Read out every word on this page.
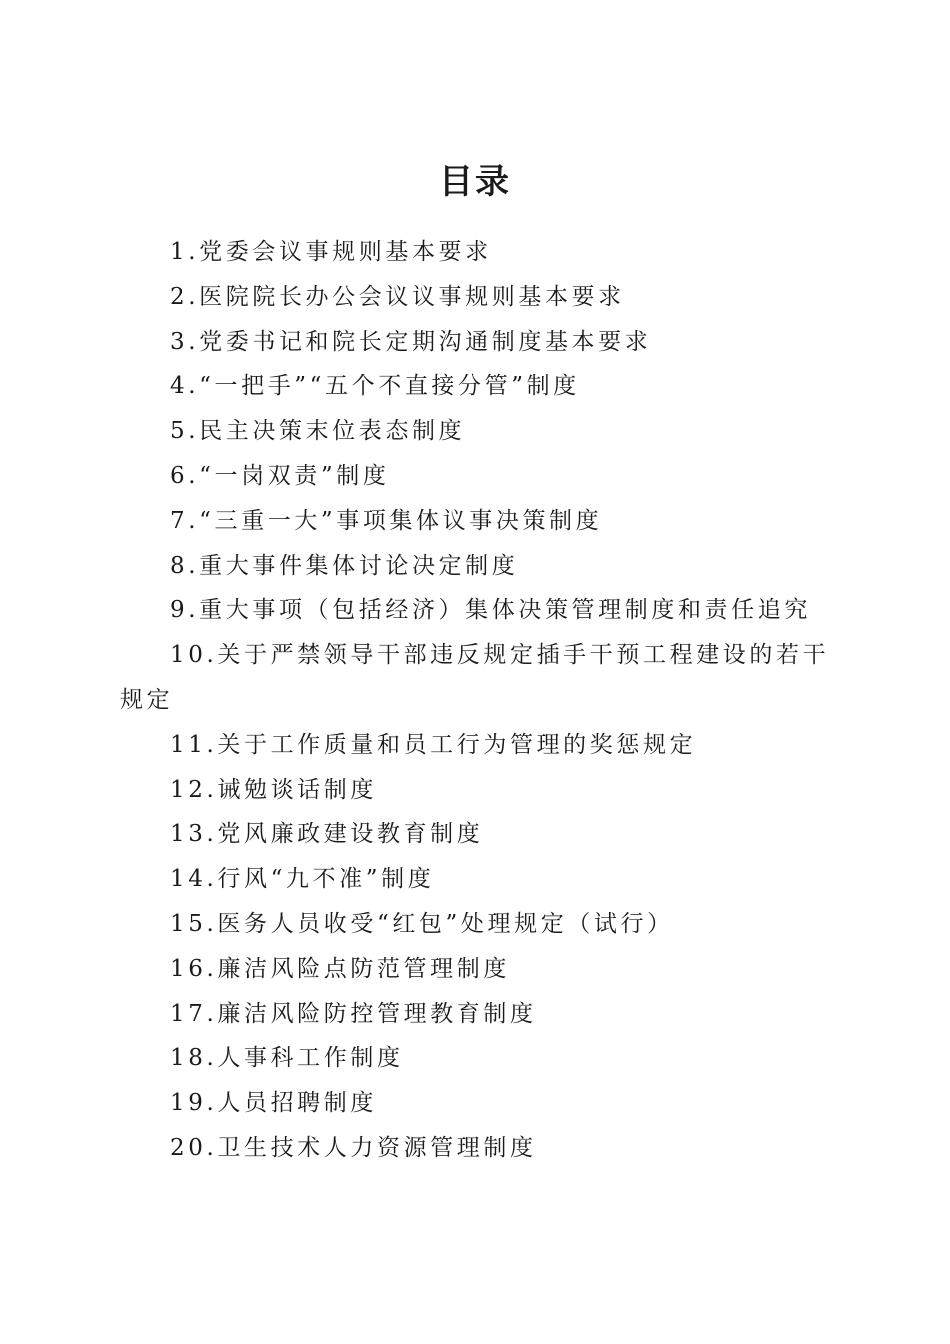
目录
1.党委会议事规则基本要求
2.医院院长办公会议议事规则基本要求
3.党委书记和院长定期沟通制度基本要求
4.“一把手”“五个不直接分管”制度
5.民主决策末位表态制度
6.“一岗双责”制度
7.“三重一大”事项集体议事决策制度
8.重大事件集体讨论决定制度
9.重大事项（包括经济）集体决策管理制度和责任追究
10.关于严禁领导干部违反规定插手干预工程建设的若干规定
11.关于工作质量和员工行为管理的奖惩规定
12.诫勉谈话制度
13.党风廉政建设教育制度
14.行风“九不准”制度
15.医务人员收受“红包”处理规定（试行）
16.廉洁风险点防范管理制度
17.廉洁风险防控管理教育制度
18.人事科工作制度
19.人员招聘制度
20.卫生技术人力资源管理制度
